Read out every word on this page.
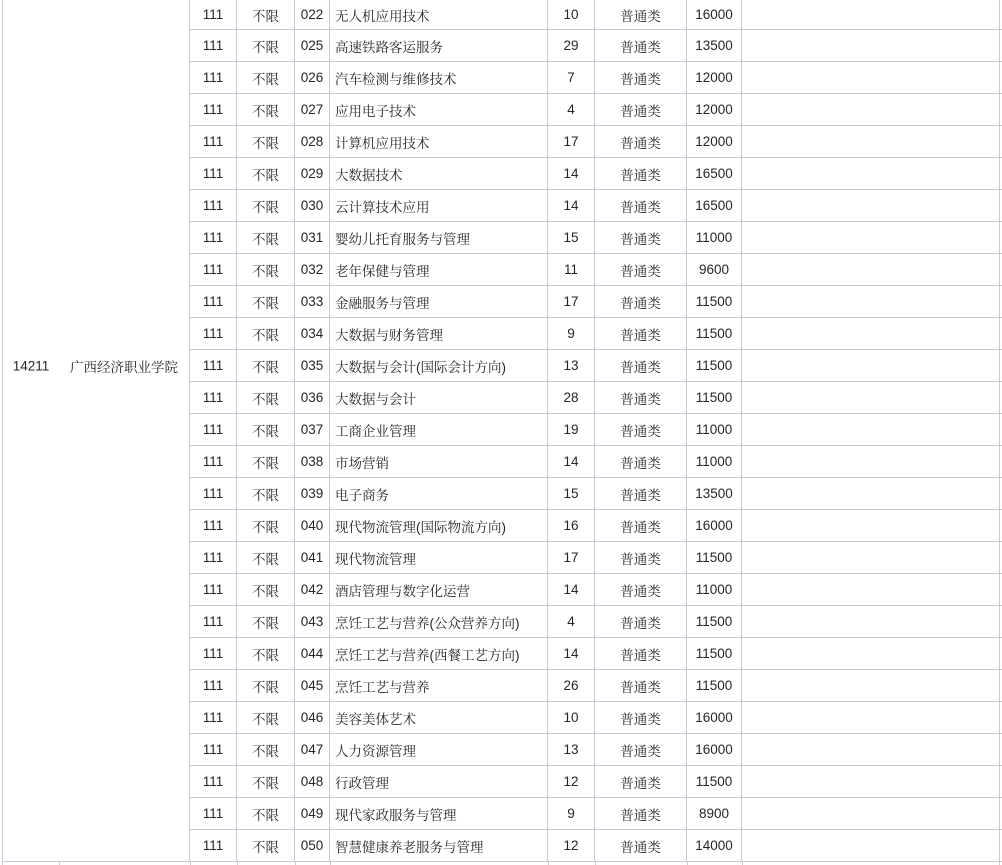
14211	广西经济职业学院
111	不限	022 无人机应用技术	10	普通类	16000
111	不限	025 高速铁路客运服务	29	普通类	13500
111	不限	026 汽车检测与维修技术	7	普通类	12000
111	不限	027 应用电子技术	4	普通类	12000
111	不限	028 计算机应用技术	17	普通类	12000
111	不限	029 大数据技术	14	普通类	16500
111	不限	030 云计算技术应用	14	普通类	16500
111	不限	031 婴幼儿托育服务与管理	15	普通类	11000
111	不限	032 老年保健与管理	11	普通类	9600
111	不限	033 金融服务与管理	17	普通类	11500
111	不限	034 大数据与财务管理	9	普通类	11500
111	不限	035 大数据与会计(国际会计方向)	13	普通类	11500
111	不限	036 大数据与会计	28	普通类	11500
111	不限	037 工商企业管理	19	普通类	11000
111	不限	038 市场营销	14	普通类	11000
111	不限	039 电子商务	15	普通类	13500
111	不限	040 现代物流管理(国际物流方向)	16	普通类	16000
111	不限	041 现代物流管理	17	普通类	11500
111	不限	042 酒店管理与数字化运营	14	普通类	11000
111	不限	043 烹饪工艺与营养(公众营养方向)	4	普通类	11500
111	不限	044 烹饪工艺与营养(西餐工艺方向)	14	普通类	11500
111	不限	045 烹饪工艺与营养	26	普通类	11500
111	不限	046 美容美体艺术	10	普通类	16000
111	不限	047 人力资源管理	13	普通类	16000
111	不限	048 行政管理	12	普通类	11500
111	不限	049 现代家政服务与管理	9	普通类	8900
111	不限	050 智慧健康养老服务与管理	12	普通类	14000
